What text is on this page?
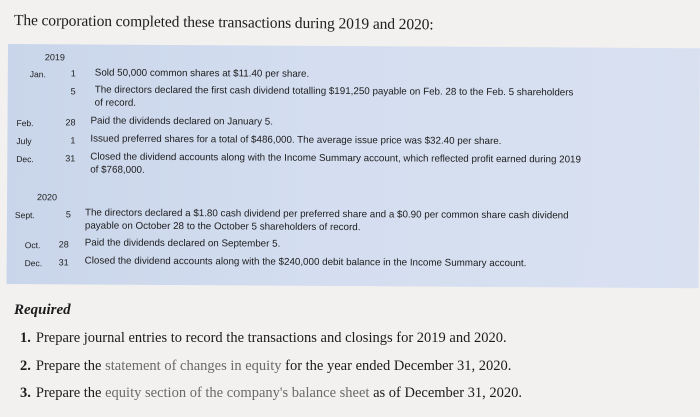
The corporation completed these transactions during 2019 and 2020:
2019
Jan.	1 Sold 50,000 common shares at $11.40 per share.
5 The directors declared the first cash dividend totalling $191,250 payable on Feb. 28 to the Feb. 5 shareholders
of record.
Feb.	28 Paid the dividends declared on January 5.
July	1 Issued preferred shares for a total of $486,000. The average issue price was $32.40 per share.
Dec.	31 Closed the dividend accounts along with the Income Summary account, which reflected profit earned during 2019
of $768,000.
2020
Sept.	5 The directors declared a $1.80 cash dividend per preferred share and a $0.90 per common share cash dividend
payable on October 28 to the October 5 shareholders of record.
Oct.	28 Paid the dividends declared on September 5.
Dec.	31 Closed the dividend accounts along with the $240,000 debit balance in the Income Summary account.
Required
1. Prepare journal entries to record the transactions and closings for 2019 and 2020.
2. Prepare the statement of changes in equity for the year ended December 31, 2020.
3. Prepare the equity section of the company's balance sheet as of December 31, 2020.
